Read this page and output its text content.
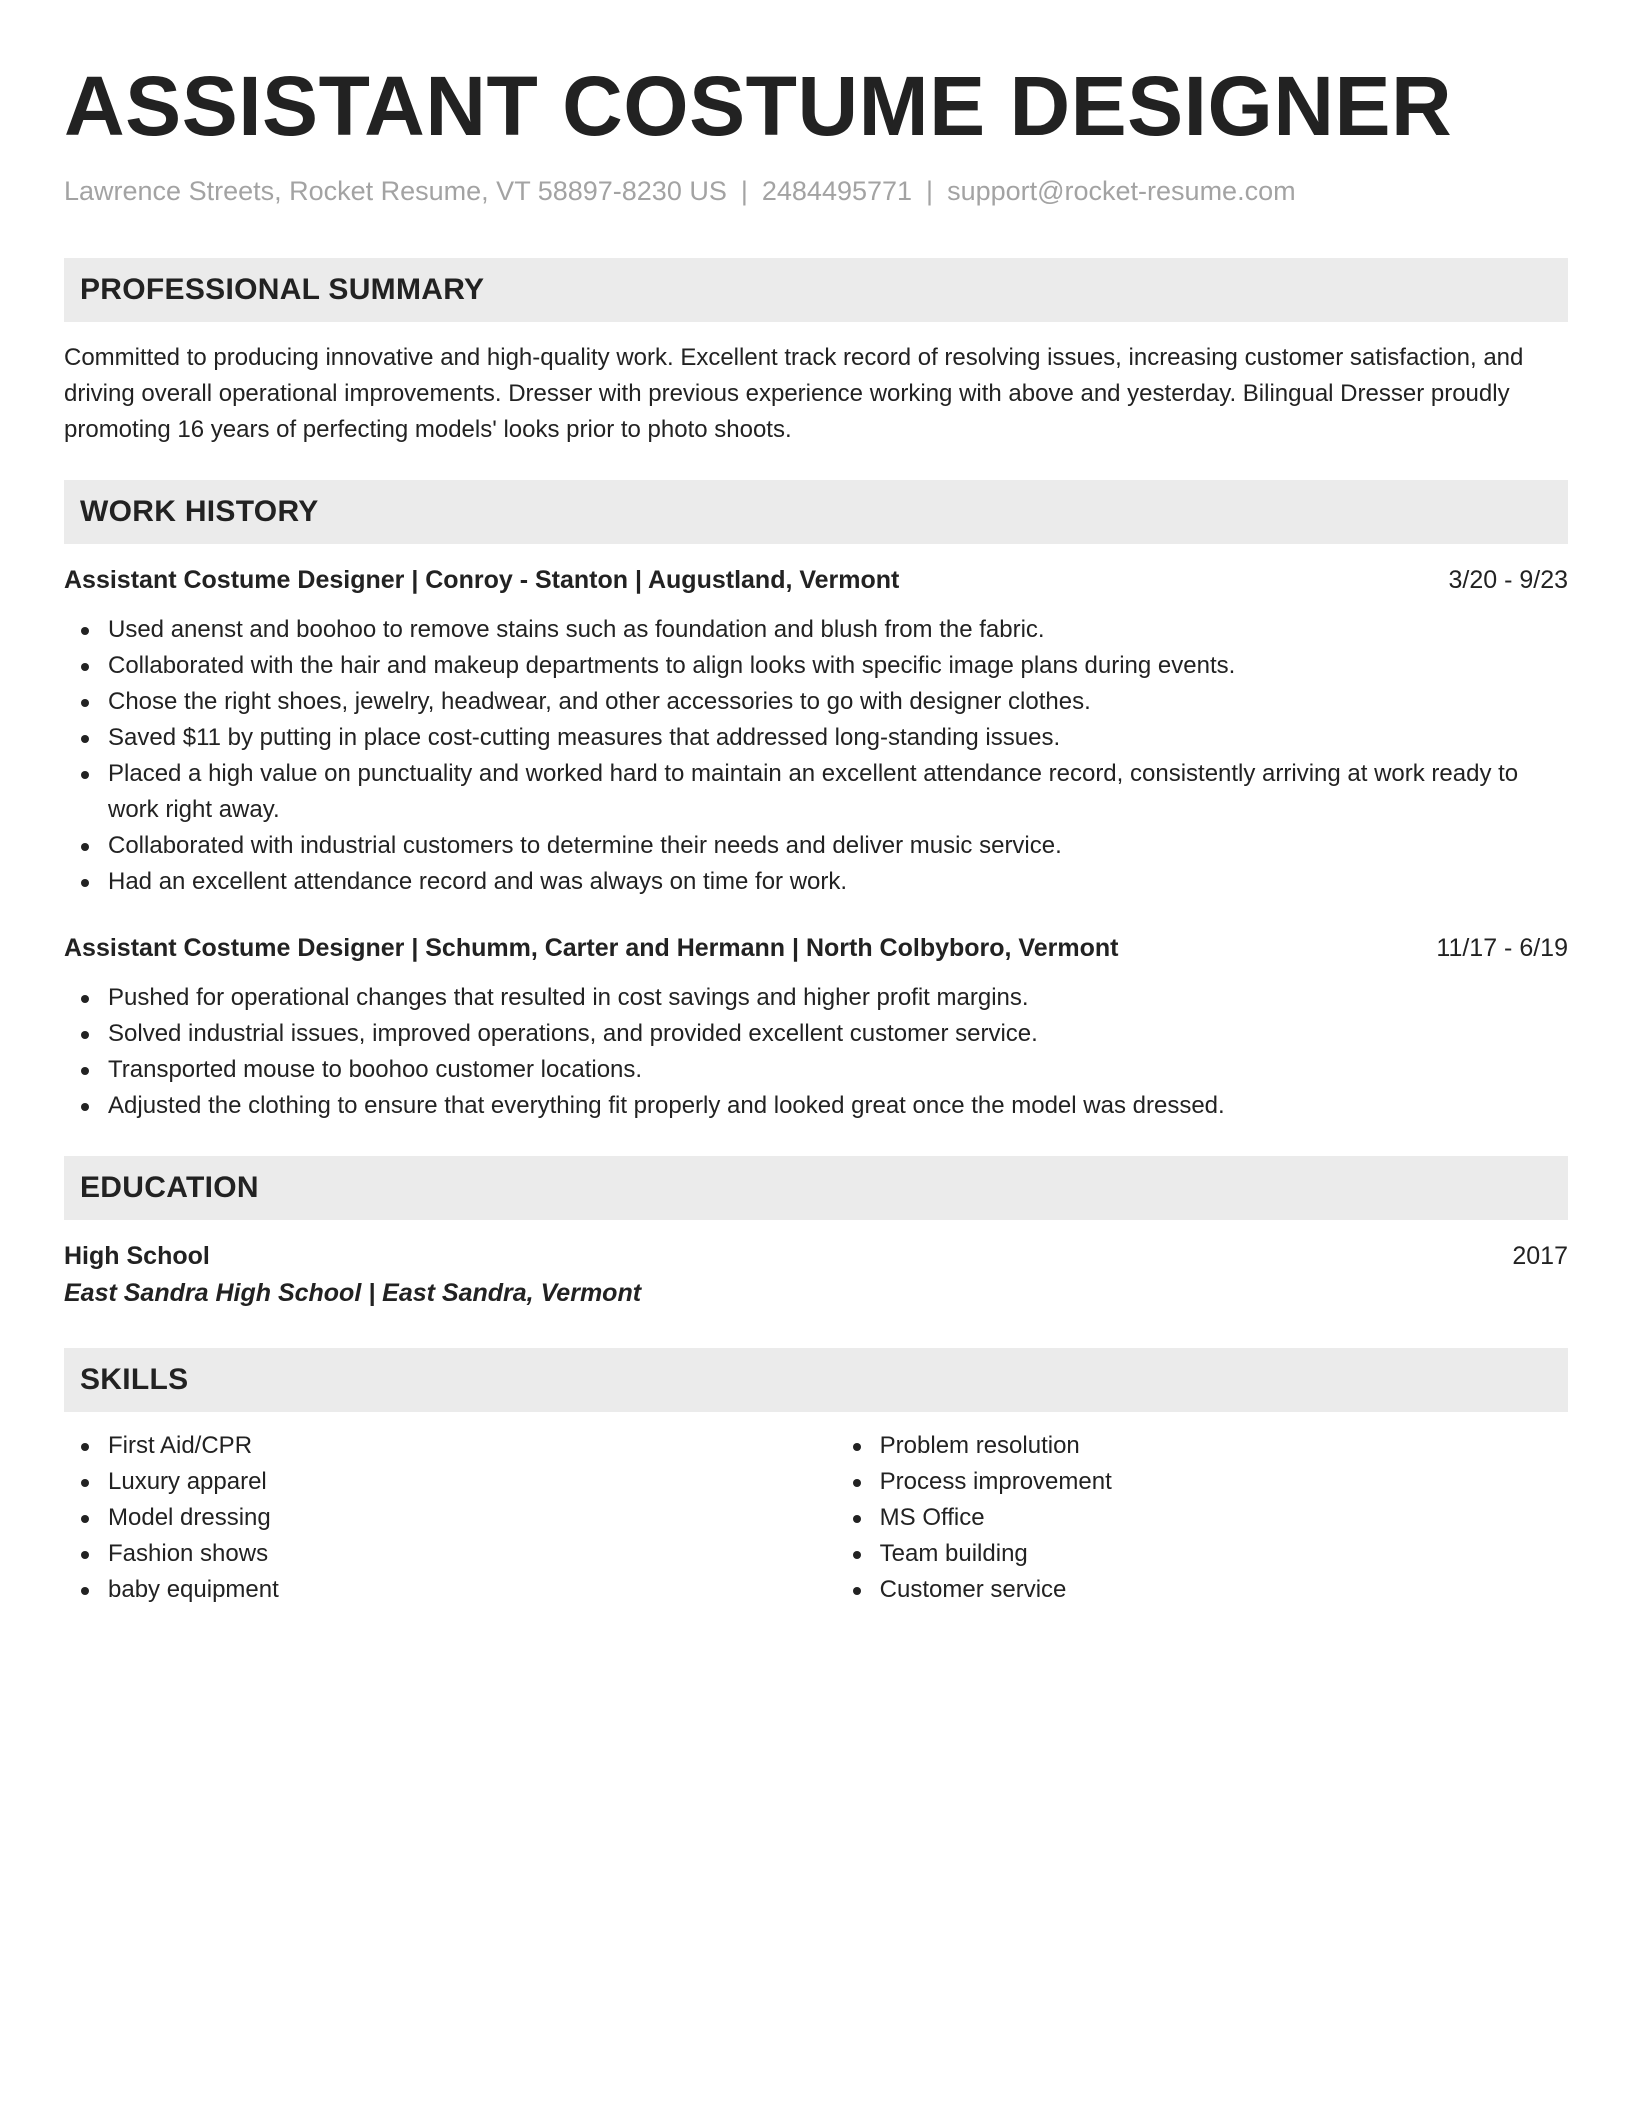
ASSISTANT COSTUME DESIGNER
Lawrence Streets, Rocket Resume, VT 58897-8230 US | 2484495771 | support@rocket-resume.com
PROFESSIONAL SUMMARY
Committed to producing innovative and high-quality work. Excellent track record of resolving issues, increasing customer satisfaction, and driving overall operational improvements. Dresser with previous experience working with above and yesterday. Bilingual Dresser proudly promoting 16 years of perfecting models' looks prior to photo shoots.
WORK HISTORY
Assistant Costume Designer | Conroy - Stanton | Augustland, Vermont	3/20 - 9/23
Used anenst and boohoo to remove stains such as foundation and blush from the fabric.
Collaborated with the hair and makeup departments to align looks with specific image plans during events.
Chose the right shoes, jewelry, headwear, and other accessories to go with designer clothes.
Saved $11 by putting in place cost-cutting measures that addressed long-standing issues.
Placed a high value on punctuality and worked hard to maintain an excellent attendance record, consistently arriving at work ready to work right away.
Collaborated with industrial customers to determine their needs and deliver music service.
Had an excellent attendance record and was always on time for work.
Assistant Costume Designer | Schumm, Carter and Hermann | North Colbyboro, Vermont	11/17 - 6/19
Pushed for operational changes that resulted in cost savings and higher profit margins.
Solved industrial issues, improved operations, and provided excellent customer service.
Transported mouse to boohoo customer locations.
Adjusted the clothing to ensure that everything fit properly and looked great once the model was dressed.
EDUCATION
High School	2017
East Sandra High School | East Sandra, Vermont
SKILLS
First Aid/CPR
Luxury apparel
Model dressing
Fashion shows
baby equipment
Problem resolution
Process improvement
MS Office
Team building
Customer service
